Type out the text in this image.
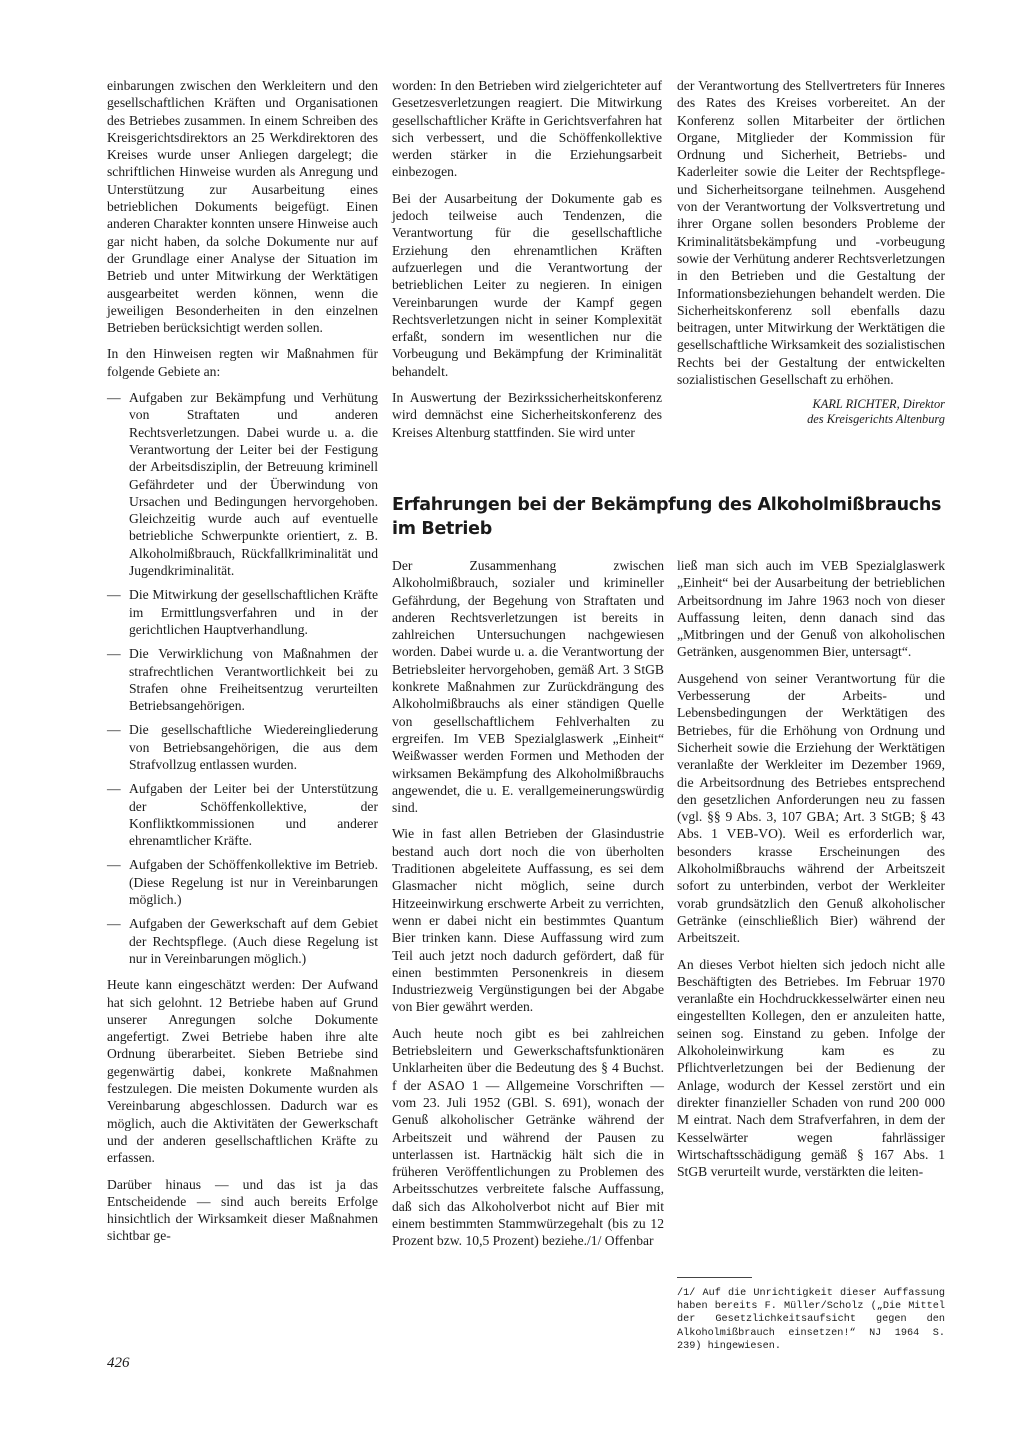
einbarungen zwischen den Werkleitern und den gesellschaftlichen Kräften und Organisationen des Betriebes zusammen. In einem Schreiben des Kreisgerichtsdirektors an 25 Werkdirektoren des Kreises wurde unser Anliegen dargelegt; die schriftlichen Hinweise wurden als Anregung und Unterstützung zur Ausarbeitung eines betrieblichen Dokuments beigefügt. Einen anderen Charakter konnten unsere Hinweise auch gar nicht haben, da solche Dokumente nur auf der Grundlage einer Analyse der Situation im Betrieb und unter Mitwirkung der Werktätigen ausgearbeitet werden können, wenn die jeweiligen Besonderheiten in den einzelnen Betrieben berücksichtigt werden sollen.

In den Hinweisen regten wir Maßnahmen für folgende Gebiete an:

— Aufgaben zur Bekämpfung und Verhütung von Straftaten und anderen Rechtsverletzungen. Dabei wurde u. a. die Verantwortung der Leiter bei der Festigung der Arbeitsdisziplin, der Betreuung kriminell Gefährdeter und der Überwindung von Ursachen und Bedingungen hervorgehoben. Gleichzeitig wurde auch auf eventuelle betriebliche Schwerpunkte orientiert, z. B. Alkoholmißbrauch, Rückfallkriminalität und Jugendkriminalität.
— Die Mitwirkung der gesellschaftlichen Kräfte im Ermittlungsverfahren und in der gerichtlichen Hauptverhandlung.
— Die Verwirklichung von Maßnahmen der strafrechtlichen Verantwortlichkeit bei zu Strafen ohne Freiheitsentzug verurteilten Betriebsangehörigen.
— Die gesellschaftliche Wiedereingliederung von Betriebsangehörigen, die aus dem Strafvollzug entlassen wurden.
— Aufgaben der Leiter bei der Unterstützung der Schöffenkollektive, der Konfliktkommissionen und anderer ehrenamtlicher Kräfte.
— Aufgaben der Schöffenkollektive im Betrieb. (Diese Regelung ist nur in Vereinbarungen möglich.)
— Aufgaben der Gewerkschaft auf dem Gebiet der Rechtspflege. (Auch diese Regelung ist nur in Vereinbarungen möglich.)

Heute kann eingeschätzt werden: Der Aufwand hat sich gelohnt. 12 Betriebe haben auf Grund unserer Anregungen solche Dokumente angefertigt. Zwei Betriebe haben ihre alte Ordnung überarbeitet. Sieben Betriebe sind gegenwärtig dabei, konkrete Maßnahmen festzulegen. Die meisten Dokumente wurden als Vereinbarung abgeschlossen. Dadurch war es möglich, auch die Aktivitäten der Gewerkschaft und der anderen gesellschaftlichen Kräfte zu erfassen.

Darüber hinaus — und das ist ja das Entscheidende — sind auch bereits Erfolge hinsichtlich der Wirksamkeit dieser Maßnahmen sichtbar ge-

worden: In den Betrieben wird zielgerichteter auf Gesetzesverletzungen reagiert. Die Mitwirkung gesellschaftlicher Kräfte in Gerichtsverfahren hat sich verbessert, und die Schöffenkollektive werden stärker in die Erziehungsarbeit einbezogen.

Bei der Ausarbeitung der Dokumente gab es jedoch teilweise auch Tendenzen, die Verantwortung für die gesellschaftliche Erziehung den ehrenamtlichen Kräften aufzuerlegen und die Verantwortung der betrieblichen Leiter zu negieren. In einigen Vereinbarungen wurde der Kampf gegen Rechtsverletzungen nicht in seiner Komplexität erfaßt, sondern im wesentlichen nur die Vorbeugung und Bekämpfung der Kriminalität behandelt.

In Auswertung der Bezirkssicherheitskonferenz wird demnächst eine Sicherheitskonferenz des Kreises Altenburg stattfinden. Sie wird unter

der Verantwortung des Stellvertreters für Inneres des Rates des Kreises vorbereitet. An der Konferenz sollen Mitarbeiter der örtlichen Organe, Mitglieder der Kommission für Ordnung und Sicherheit, Betriebs- und Kaderleiter sowie die Leiter der Rechtspflege- und Sicherheitsorgane teilnehmen. Ausgehend von der Verantwortung der Volksvertretung und ihrer Organe sollen besonders Probleme der Kriminalitätsbekämpfung und -vorbeugung sowie der Verhütung anderer Rechtsverletzungen in den Betrieben und die Gestaltung der Informationsbeziehungen behandelt werden. Die Sicherheitskonferenz soll ebenfalls dazu beitragen, unter Mitwirkung der Werktätigen die gesellschaftliche Wirksamkeit des sozialistischen Rechts bei der Gestaltung der entwickelten sozialistischen Gesellschaft zu erhöhen.

KARL RICHTER, Direktor
des Kreisgerichts Altenburg
Erfahrungen bei der Bekämpfung des Alkoholmißbrauchs im Betrieb

Der Zusammenhang zwischen Alkoholmißbrauch, sozialer und krimineller Gefährdung, der Begehung von Straftaten und anderen Rechtsverletzungen ist bereits in zahlreichen Untersuchungen nachgewiesen worden. Dabei wurde u. a. die Verantwortung der Betriebsleiter hervorgehoben, gemäß Art. 3 StGB konkrete Maßnahmen zur Zurückdrängung des Alkoholmißbrauchs als einer ständigen Quelle von gesellschaftlichem Fehlverhalten zu ergreifen. Im VEB Spezialglaswerk „Einheit“ Weißwasser werden Formen und Methoden der wirksamen Bekämpfung des Alkoholmißbrauchs angewendet, die u. E. verallgemeinerungswürdig sind.

Wie in fast allen Betrieben der Glasindustrie bestand auch dort noch die von überholten Traditionen abgeleitete Auffassung, es sei dem Glasmacher nicht möglich, seine durch Hitzeeinwirkung erschwerte Arbeit zu verrichten, wenn er dabei nicht ein bestimmtes Quantum Bier trinken kann. Diese Auffassung wird zum Teil auch jetzt noch dadurch gefördert, daß für einen bestimmten Personenkreis in diesem Industriezweig Vergünstigungen bei der Abgabe von Bier gewährt werden.

Auch heute noch gibt es bei zahlreichen Betriebsleitern und Gewerkschaftsfunktionären Unklarheiten über die Bedeutung des § 4 Buchst. f der ASAO 1 — Allgemeine Vorschriften — vom 23. Juli 1952 (GBl. S. 691), wonach der Genuß alkoholischer Getränke während der Arbeitszeit und während der Pausen zu unterlassen ist. Hartnäckig hält sich die in früheren Veröffentlichungen zu Problemen des Arbeitsschutzes verbreitete falsche Auffassung, daß sich das Alkoholverbot nicht auf Bier mit einem bestimmten Stammwürzegehalt (bis zu 12 Prozent bzw. 10,5 Prozent) beziehe./1/ Offenbar

ließ man sich auch im VEB Spezialglaswerk „Einheit“ bei der Ausarbeitung der betrieblichen Arbeitsordnung im Jahre 1963 noch von dieser Auffassung leiten, denn danach sind das „Mitbringen und der Genuß von alkoholischen Getränken, ausgenommen Bier, untersagt“.

Ausgehend von seiner Verantwortung für die Verbesserung der Arbeits- und Lebensbedingungen der Werktätigen des Betriebes, für die Erhöhung von Ordnung und Sicherheit sowie die Erziehung der Werktätigen veranlaßte der Werkleiter im Dezember 1969, die Arbeitsordnung des Betriebes entsprechend den gesetzlichen Anforderungen neu zu fassen (vgl. §§ 9 Abs. 3, 107 GBA; Art. 3 StGB; § 43 Abs. 1 VEB-VO). Weil es erforderlich war, besonders krasse Erscheinungen des Alkoholmißbrauchs während der Arbeitszeit sofort zu unterbinden, verbot der Werkleiter vorab grundsätzlich den Genuß alkoholischer Getränke (einschließlich Bier) während der Arbeitszeit.

An dieses Verbot hielten sich jedoch nicht alle Beschäftigten des Betriebes. Im Februar 1970 veranlaßte ein Hochdruckkesselwärter einen neu eingestellten Kollegen, den er anzuleiten hatte, seinen sog. Einstand zu geben. Infolge der Alkoholeinwirkung kam es zu Pflichtverletzungen bei der Bedienung der Anlage, wodurch der Kessel zerstört und ein direkter finanzieller Schaden von rund 200 000 M eintrat. Nach dem Strafverfahren, in dem der Kesselwärter wegen fahrlässiger Wirtschaftsschädigung gemäß § 167 Abs. 1 StGB verurteilt wurde, verstärkten die leiten-

/1/ Auf die Unrichtigkeit dieser Auffassung haben bereits F. Müller/Scholz („Die Mittel der Gesetzlichkeitsaufsicht gegen den Alkoholmißbrauch einsetzen!“ NJ 1964 S. 239) hingewiesen.
426
